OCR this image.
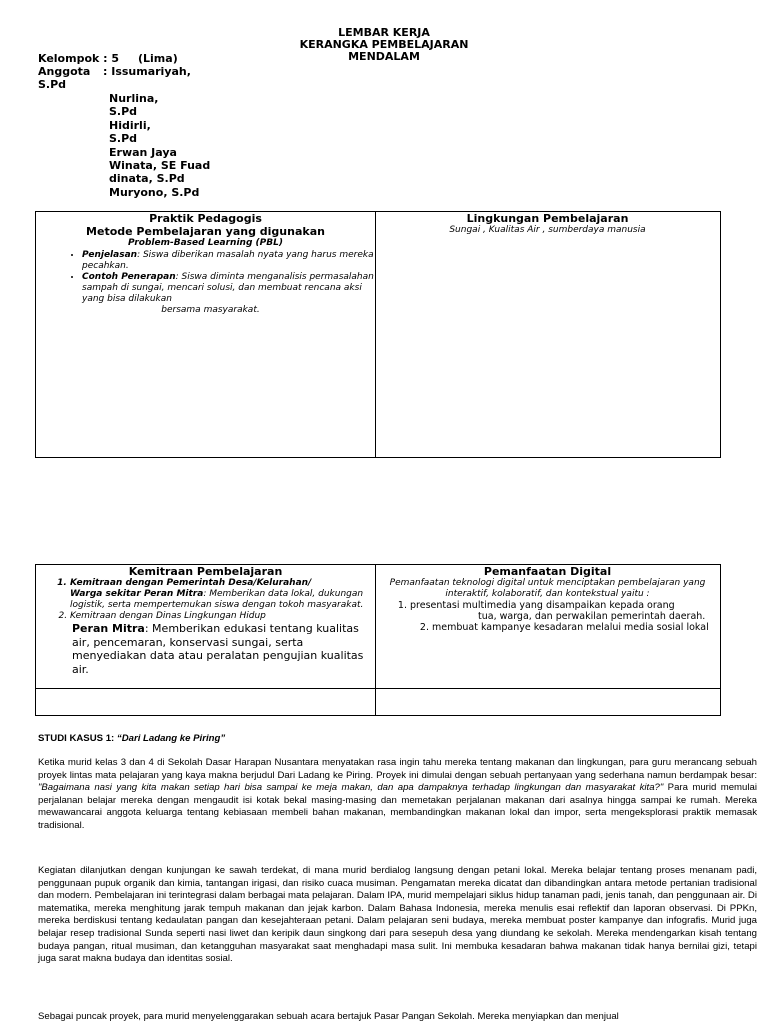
LEMBAR KERJA
KERANGKA PEMBELAJARAN
MENDALAM
Kelompok : 5 (Lima)
Anggota : Issumariyah,
S.Pd
Nurlina,
S.Pd
Hidirli,
S.Pd
Erwan Jaya
Winata, SE Fuad
dinata, S.Pd
Muryono, S.Pd
Praktik Pedagogis
Metode Pembelajaran yang digunakan
Problem-Based Learning (PBL)
• Penjelasan: Siswa diberikan masalah nyata yang harus mereka pecahkan.
• Contoh Penerapan: Siswa diminta menganalisis permasalahan sampah di sungai, mencari solusi, dan membuat rencana aksi yang bisa dilakukan
bersama masyarakat.
Lingkungan Pembelajaran
Sungai , Kualitas Air , sumberdaya manusia
Kemitraan Pembelajaran
1. Kemitraan dengan Pemerintah Desa/Kelurahan/
Warga sekitar Peran Mitra: Memberikan data lokal, dukungan logistik, serta mempertemukan siswa dengan tokoh masyarakat.
2. Kemitraan dengan Dinas Lingkungan Hidup
Peran Mitra: Memberikan edukasi tentang kualitas air, pencemaran, konservasi sungai, serta menyediakan data atau peralatan pengujian kualitas air.
Pemanfaatan Digital
Pemanfaatan teknologi digital untuk menciptakan pembelajaran yang interaktif, kolaboratif, dan kontekstual yaitu :
1. presentasi multimedia yang disampaikan kepada orang

tua, warga, dan perwakilan pemerintah daerah.
2. membuat kampanye kesadaran melalui media sosial lokal
STUDI KASUS 1: “Dari Ladang ke Piring”
Ketika murid kelas 3 dan 4 di Sekolah Dasar Harapan Nusantara menyatakan rasa ingin tahu mereka tentang makanan dan lingkungan, para guru merancang sebuah proyek lintas mata pelajaran yang kaya makna berjudul Dari Ladang ke Piring. Proyek ini dimulai dengan sebuah pertanyaan yang sederhana namun berdampak besar: "Bagaimana nasi yang kita makan setiap hari bisa sampai ke meja makan, dan apa dampaknya terhadap lingkungan dan masyarakat kita?" Para murid memulai perjalanan belajar mereka dengan mengaudit isi kotak bekal masing-masing dan memetakan perjalanan makanan dari asalnya hingga sampai ke rumah. Mereka mewawancarai anggota keluarga tentang kebiasaan membeli bahan makanan, membandingkan makanan lokal dan impor, serta mengeksplorasi praktik memasak tradisional.
Kegiatan dilanjutkan dengan kunjungan ke sawah terdekat, di mana murid berdialog langsung dengan petani lokal. Mereka belajar tentang proses menanam padi, penggunaan pupuk organik dan kimia, tantangan irigasi, dan risiko cuaca musiman. Pengamatan mereka dicatat dan dibandingkan antara metode pertanian tradisional dan modern. Pembelajaran ini terintegrasi dalam berbagai mata pelajaran. Dalam IPA, murid mempelajari siklus hidup tanaman padi, jenis tanah, dan penggunaan air. Di matematika, mereka menghitung jarak tempuh makanan dan jejak karbon. Dalam Bahasa Indonesia, mereka menulis esai reflektif dan laporan observasi. Di PPKn, mereka berdiskusi tentang kedaulatan pangan dan kesejahteraan petani. Dalam pelajaran seni budaya, mereka membuat poster kampanye dan infografis. Murid juga belajar resep tradisional Sunda seperti nasi liwet dan keripik daun singkong dari para sesepuh desa yang diundang ke sekolah. Mereka mendengarkan kisah tentang budaya pangan, ritual musiman, dan ketangguhan masyarakat saat menghadapi masa sulit. Ini membuka kesadaran bahwa makanan tidak hanya bernilai gizi, tetapi juga sarat makna budaya dan identitas sosial.
Sebagai puncak proyek, para murid menyelenggarakan sebuah acara bertajuk Pasar Pangan Sekolah. Mereka menyiapkan dan menjual
